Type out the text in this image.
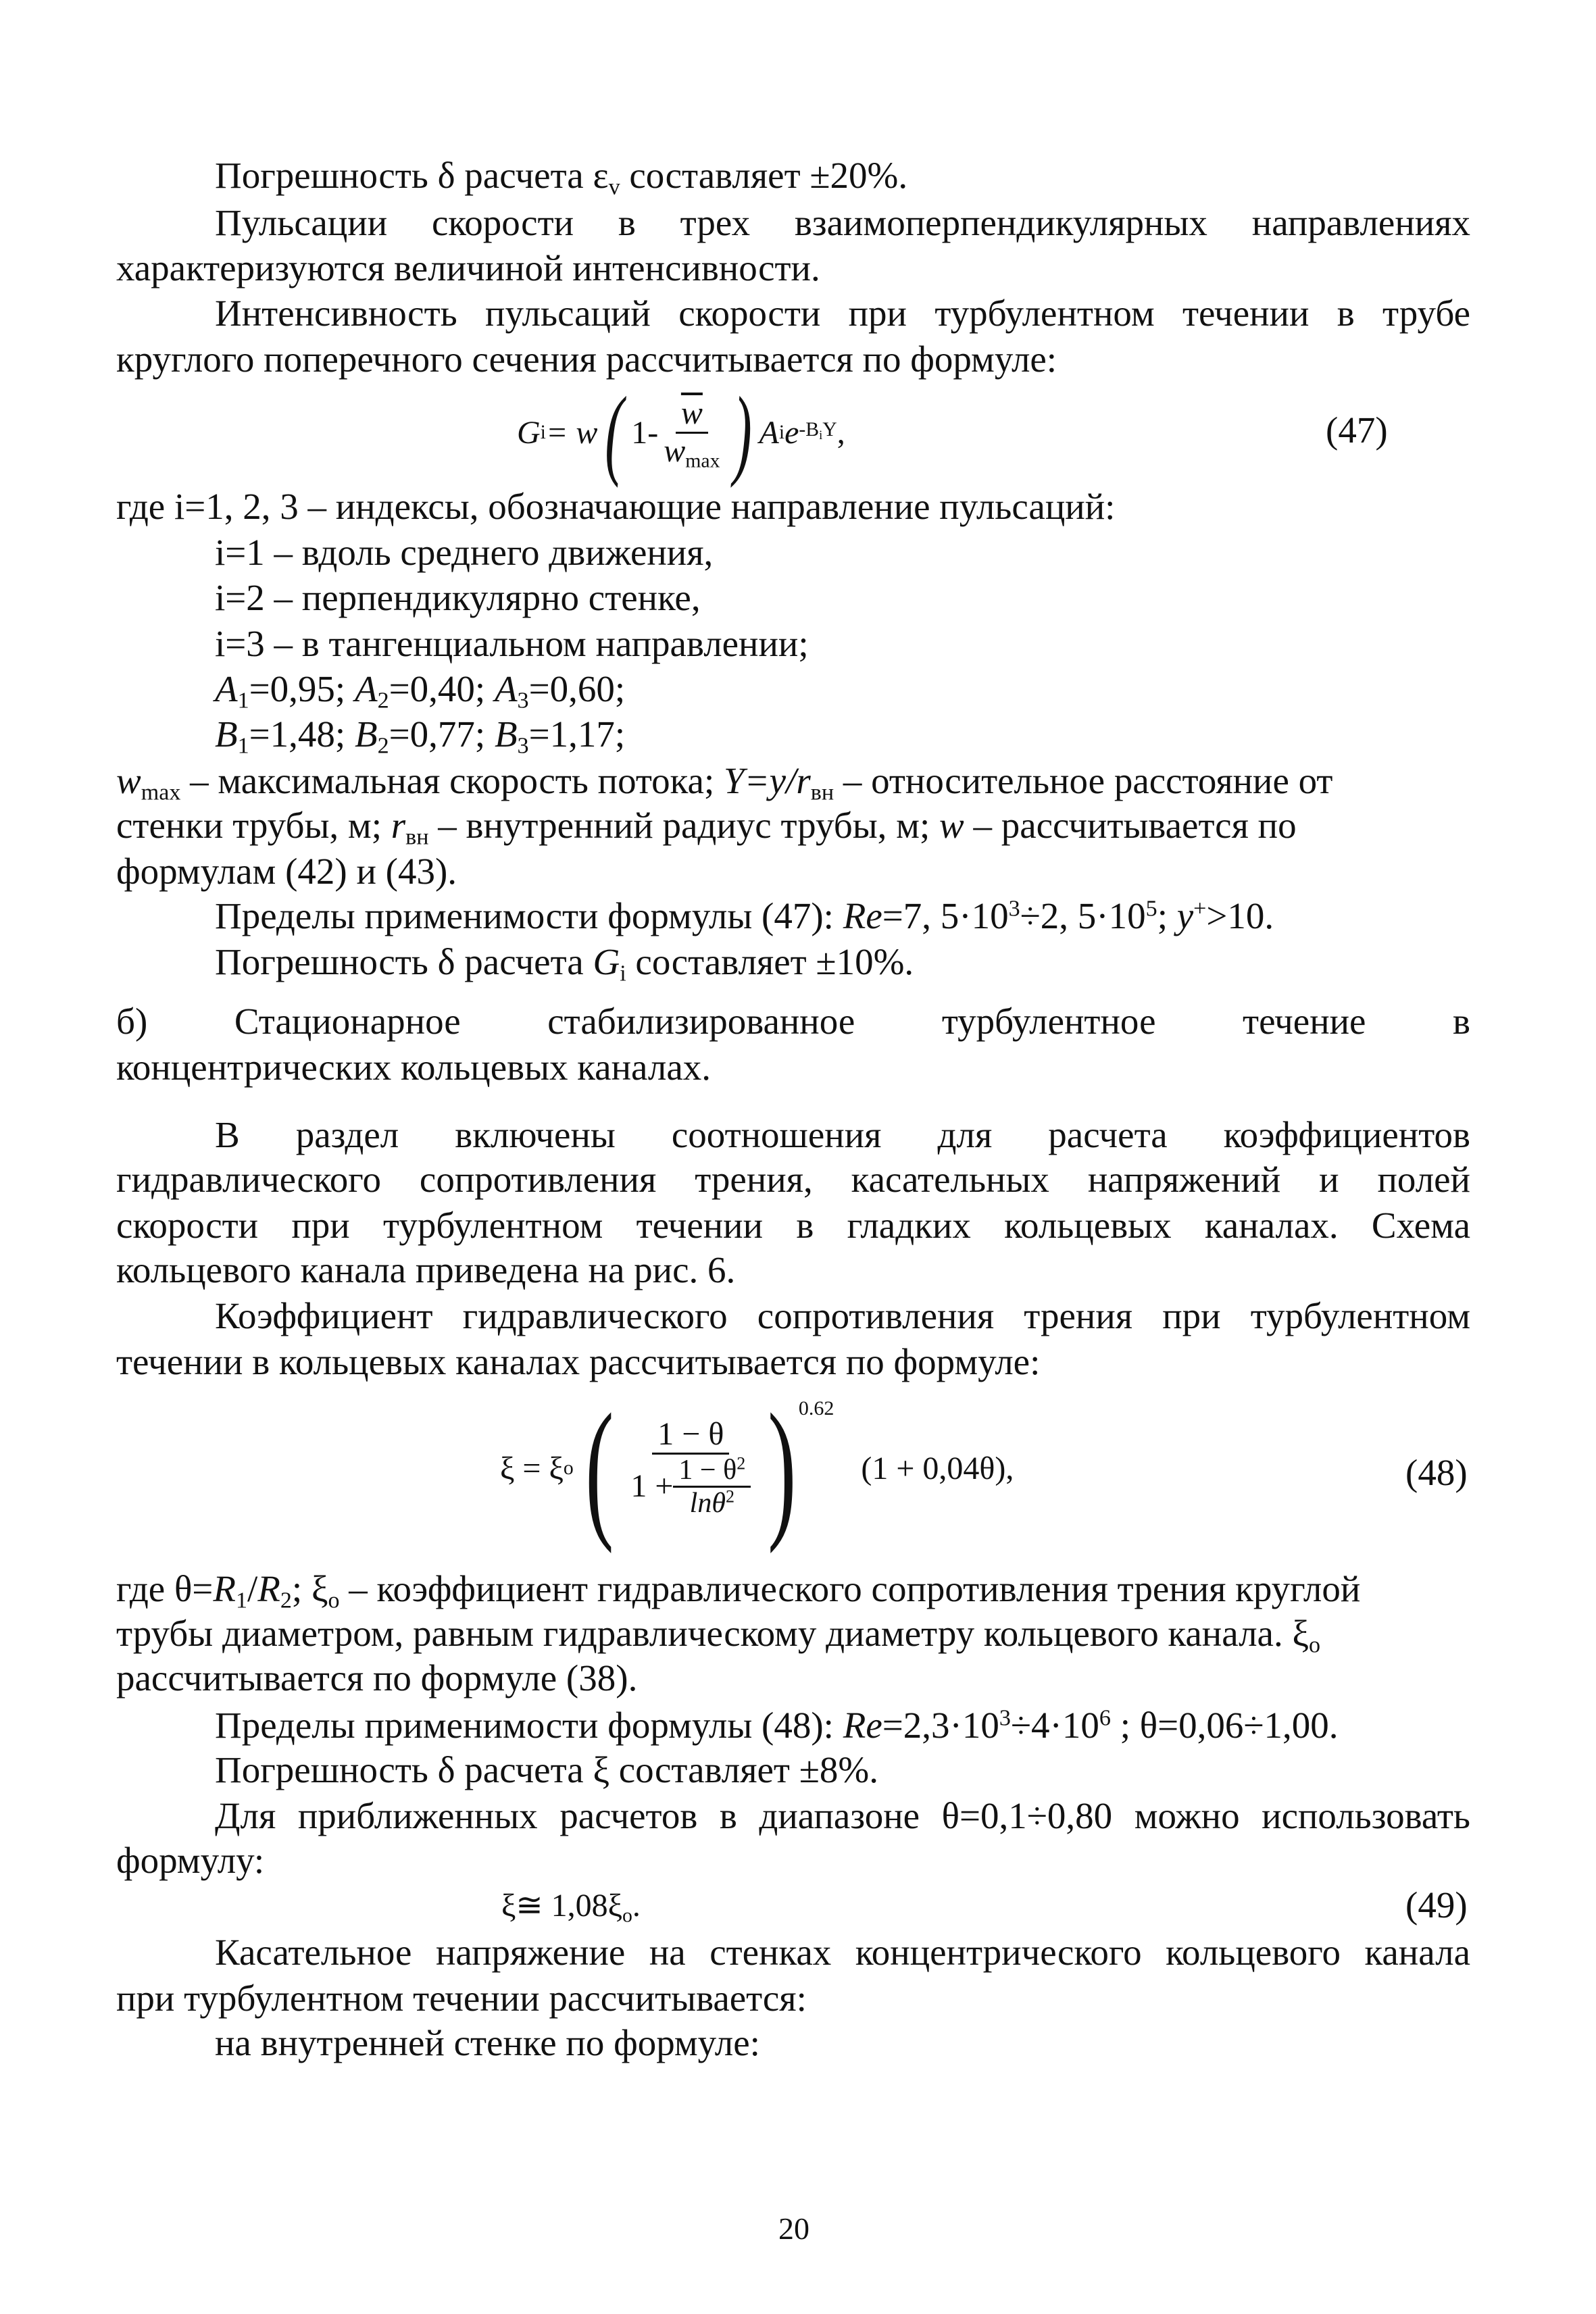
Погрешность δ расчета $\varepsilon_v$ составляет ±20%.
Пульсации скорости в трех взаимоперпендикулярных направлениях
характеризуются величиной интенсивности.
Интенсивность пульсаций скорости при турбулентном течении в трубе
круглого поперечного сечения рассчитывается по формуле:
G i = w ( $1- \frac{\overline{w}}{w_{max}}$ ) A i e $-B_iY$ ,	(47)
где i=1, 2, 3 – индексы, обозначающие направление пульсаций:
i=1 – вдоль среднего движения,
i=2 – перпендикулярно стенке,
i=3 – в тангенциальном направлении;
$A_1=0,95$; $A_2=0,40$; $A_3=0,60$;
$B_1=1,48$; $B_2=0,77$; $B_3=1,17$;
$w_{max}$ – максимальная скорость потока; $Y=y/r_{вн}$ – относительное расстояние от
стенки трубы, м; $r_{вн}$ – внутренний радиус трубы, м; w – рассчитывается по
формулам (42) и (43).
Пределы применимости формулы (47): Re=7, $5\cdot 10^3\div 2$, $5\cdot 10^5$; y+>10.
Погрешность δ расчета $G_i$ составляет ±10%.
б) Стационарное стабилизированное турбулентное течение в
концентрических кольцевых каналах.
В раздел включены соотношения для расчета коэффициентов
гидравлического сопротивления трения, касательных напряжений и полей
скорости при турбулентном течении в гладких кольцевых каналах. Схема
кольцевого канала приведена на рис. 6.
Коэффициент гидравлического сопротивления трения при турбулентном
течении в кольцевых каналах рассчитывается по формуле:
ξ = ξ o ( $\frac{1 - \theta}{1 + \frac{1 - \theta^2}{\ln\theta^2}}$ ) 0.62
(1 + 0,04θ),	(48)
где $\theta=R_1/R_2$; $\xi_o$ – коэффициент гидравлического сопротивления трения круглой
трубы диаметром, равным гидравлическому диаметру кольцевого канала. $\xi_o$
рассчитывается по формуле (38).
Пределы применимости формулы (48): $Re=2,3\cdot 10^3\div 4\cdot 10^6$ ; θ=0,06÷1,00.
Погрешность δ расчета ξ составляет ±8%.
Для приближенных расчетов в диапазоне θ=0,1÷0,80 можно использовать
формулу:
ξ≅ $1,08\xi_o$.	(49)
Касательное напряжение на стенках концентрического кольцевого канала
при турбулентном течении рассчитывается:
на внутренней стенке по формуле:
20
